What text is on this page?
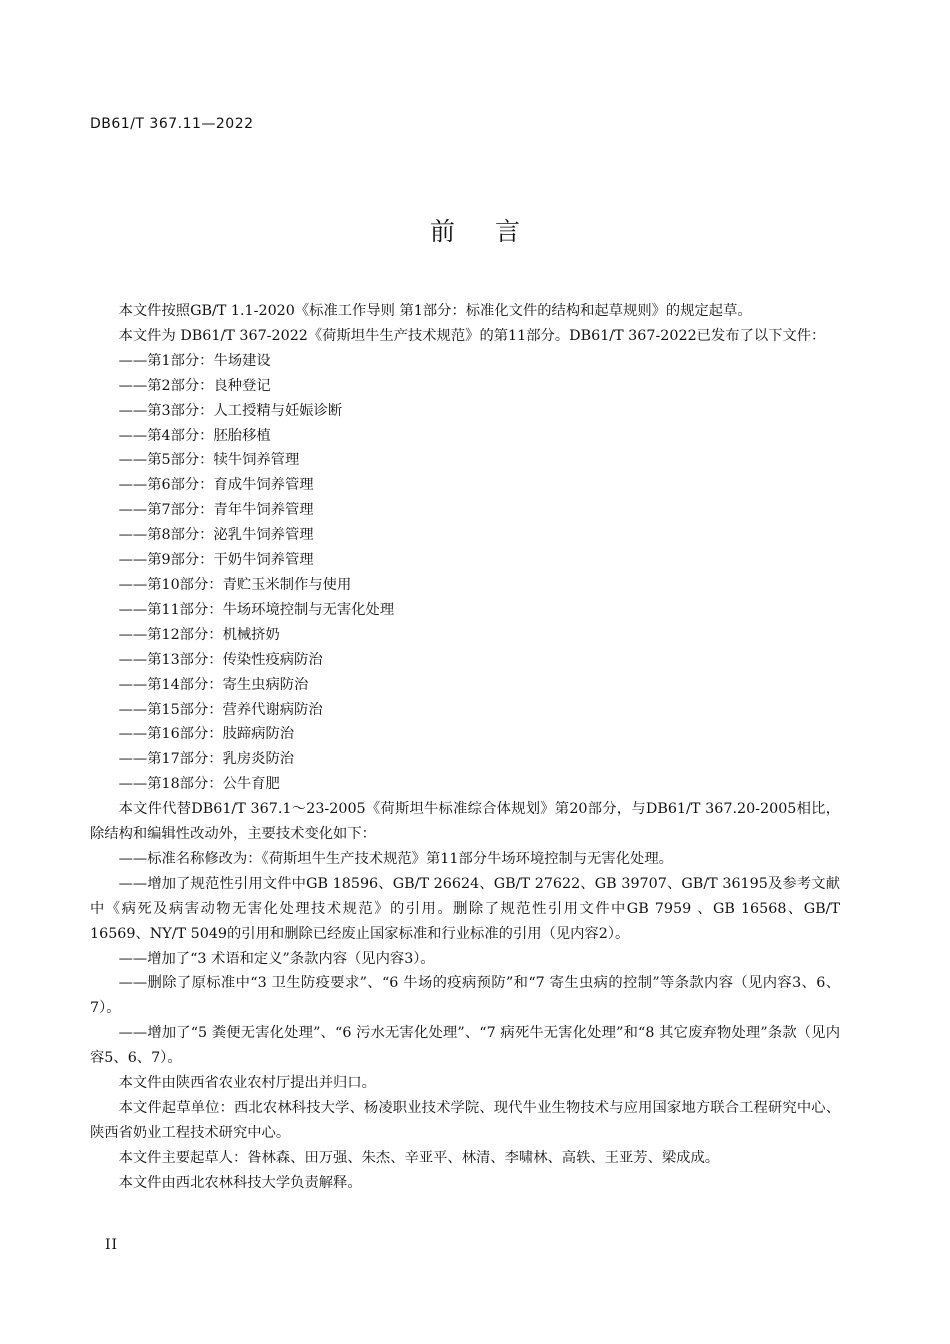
DB61/T 367.11—2022
前言

本文件按照GB/T 1.1-2020《标准工作导则 第1部分：标准化文件的结构和起草规则》的规定起草。

本文件为 DB61/T 367-2022《荷斯坦牛生产技术规范》的第11部分。DB61/T 367-2022已发布了以下文件：

——第1部分：牛场建设

——第2部分：良种登记

——第3部分：人工授精与妊娠诊断

——第4部分：胚胎移植

——第5部分：犊牛饲养管理

——第6部分：育成牛饲养管理

——第7部分：青年牛饲养管理

——第8部分：泌乳牛饲养管理

——第9部分：干奶牛饲养管理

——第10部分：青贮玉米制作与使用

——第11部分：牛场环境控制与无害化处理

——第12部分：机械挤奶

——第13部分：传染性疫病防治

——第14部分：寄生虫病防治

——第15部分：营养代谢病防治

——第16部分：肢蹄病防治

——第17部分：乳房炎防治

——第18部分：公牛育肥

本文件代替DB61/T 367.1～23-2005《荷斯坦牛标准综合体规划》第20部分，与DB61/T 367.20-2005相比，除结构和编辑性改动外，主要技术变化如下：

——标准名称修改为：《荷斯坦牛生产技术规范》第11部分牛场环境控制与无害化处理。

——增加了规范性引用文件中GB 18596、GB/T 26624、GB/T 27622、GB 39707、GB/T 36195及参考文献中《病死及病害动物无害化处理技术规范》的引用。删除了规范性引用文件中GB 7959 、GB 16568、GB/T 16569、NY/T 5049的引用和删除已经废止国家标准和行业标准的引用（见内容2）。

——增加了“3 术语和定义”条款内容（见内容3）。

——删除了原标准中“3 卫生防疫要求”、“6 牛场的疫病预防”和“7 寄生虫病的控制”等条款内容（见内容3、6、7）。

——增加了“5 粪便无害化处理”、“6 污水无害化处理”、“7 病死牛无害化处理”和“8 其它废弃物处理”条款（见内容5、6、7）。

本文件由陕西省农业农村厅提出并归口。

本文件起草单位：西北农林科技大学、杨凌职业技术学院、现代牛业生物技术与应用国家地方联合工程研究中心、陕西省奶业工程技术研究中心。

本文件主要起草人：昝林森、田万强、朱杰、辛亚平、林清、李啸林、高轶、王亚芳、梁成成。

本文件由西北农林科技大学负责解释。

II
